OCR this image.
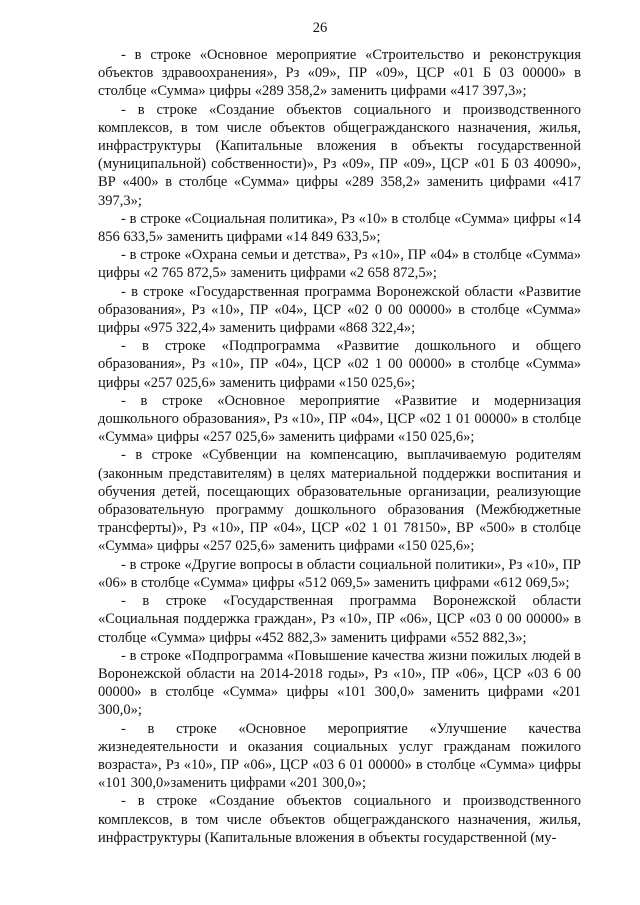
26

- в строке «Основное мероприятие «Строительство и реконструкция объектов здравоохранения», Рз «09», ПР «09», ЦСР «01 Б 03 00000» в столбце «Сумма» цифры «289 358,2» заменить цифрами «417 397,3»;

- в строке «Создание объектов социального и производственного комплексов, в том числе объектов общегражданского назначения, жилья, инфраструктуры (Капитальные вложения в объекты государственной (муниципальной) собственности)», Рз «09», ПР «09», ЦСР «01 Б 03 40090», ВР «400» в столбце «Сумма» цифры «289 358,2» заменить цифрами «417 397,3»;

- в строке «Социальная политика», Рз «10» в столбце «Сумма» цифры «14 856 633,5» заменить цифрами «14 849 633,5»;

- в строке «Охрана семьи и детства», Рз «10», ПР «04» в столбце «Сумма» цифры «2 765 872,5» заменить цифрами «2 658 872,5»;

- в строке «Государственная программа Воронежской области «Развитие образования», Рз «10», ПР «04», ЦСР «02 0 00 00000» в столбце «Сумма» цифры «975 322,4» заменить цифрами «868 322,4»;

- в строке «Подпрограмма «Развитие дошкольного и общего образования», Рз «10», ПР «04», ЦСР «02 1 00 00000» в столбце «Сумма» цифры «257 025,6» заменить цифрами «150 025,6»;

- в строке «Основное мероприятие «Развитие и модернизация дошкольного образования», Рз «10», ПР «04», ЦСР «02 1 01 00000» в столбце «Сумма» цифры «257 025,6» заменить цифрами «150 025,6»;

- в строке «Субвенции на компенсацию, выплачиваемую родителям (законным представителям) в целях материальной поддержки воспитания и обучения детей, посещающих образовательные организации, реализующие образовательную программу дошкольного образования (Межбюджетные трансферты)», Рз «10», ПР «04», ЦСР «02 1 01 78150», ВР «500» в столбце «Сумма» цифры «257 025,6» заменить цифрами «150 025,6»;

- в строке «Другие вопросы в области социальной политики», Рз «10», ПР «06» в столбце «Сумма» цифры «512 069,5» заменить цифрами «612 069,5»;

- в строке «Государственная программа Воронежской области «Социальная поддержка граждан», Рз «10», ПР «06», ЦСР «03 0 00 00000» в столбце «Сумма» цифры «452 882,3» заменить цифрами «552 882,3»;

- в строке «Подпрограмма «Повышение качества жизни пожилых людей в Воронежской области на 2014-2018 годы», Рз «10», ПР «06», ЦСР «03 6 00 00000» в столбце «Сумма» цифры «101 300,0» заменить цифрами «201 300,0»;

- в строке «Основное мероприятие «Улучшение качества жизнедеятельности и оказания социальных услуг гражданам пожилого возраста», Рз «10», ПР «06», ЦСР «03 6 01 00000» в столбце «Сумма» цифры «101 300,0»заменить цифрами «201 300,0»;

- в строке «Создание объектов социального и производственного комплексов, в том числе объектов общегражданского назначения, жилья, инфраструктуры (Капитальные вложения в объекты государственной (му-
